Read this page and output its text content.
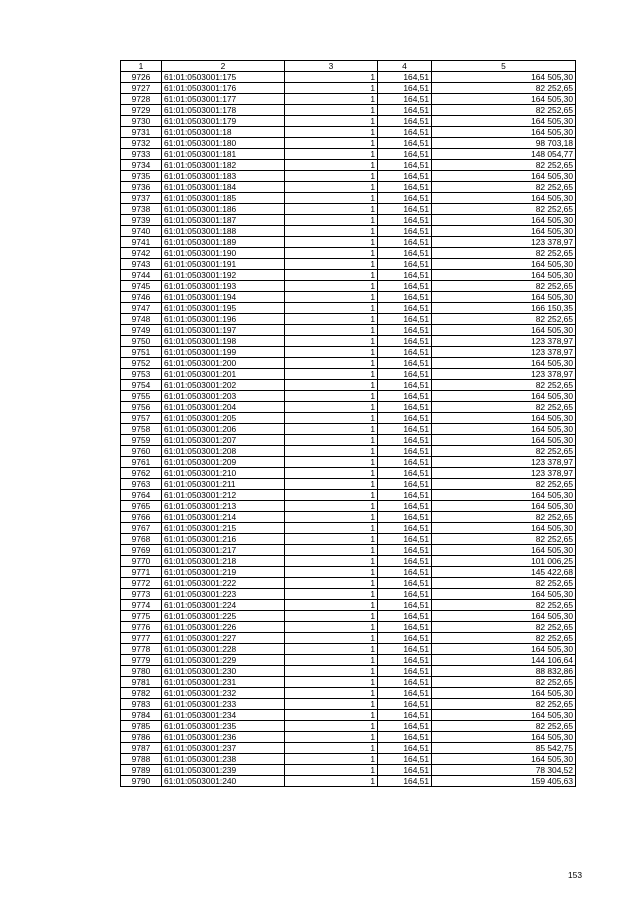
1	2	3	4	5
9726	61:01:0503001:175	1	164,51	164 505,30
9727	61:01:0503001:176	1	164,51	82 252,65
9728	61:01:0503001:177	1	164,51	164 505,30
9729	61:01:0503001:178	1	164,51	82 252,65
9730	61:01:0503001:179	1	164,51	164 505,30
9731	61:01:0503001:18	1	164,51	164 505,30
9732	61:01:0503001:180	1	164,51	98 703,18
9733	61:01:0503001:181	1	164,51	148 054,77
9734	61:01:0503001:182	1	164,51	82 252,65
9735	61:01:0503001:183	1	164,51	164 505,30
9736	61:01:0503001:184	1	164,51	82 252,65
9737	61:01:0503001:185	1	164,51	164 505,30
9738	61:01:0503001:186	1	164,51	82 252,65
9739	61:01:0503001:187	1	164,51	164 505,30
9740	61:01:0503001:188	1	164,51	164 505,30
9741	61:01:0503001:189	1	164,51	123 378,97
9742	61:01:0503001:190	1	164,51	82 252,65
9743	61:01:0503001:191	1	164,51	164 505,30
9744	61:01:0503001:192	1	164,51	164 505,30
9745	61:01:0503001:193	1	164,51	82 252,65
9746	61:01:0503001:194	1	164,51	164 505,30
9747	61:01:0503001:195	1	164,51	166 150,35
9748	61:01:0503001:196	1	164,51	82 252,65
9749	61:01:0503001:197	1	164,51	164 505,30
9750	61:01:0503001:198	1	164,51	123 378,97
9751	61:01:0503001:199	1	164,51	123 378,97
9752	61:01:0503001:200	1	164,51	164 505,30
9753	61:01:0503001:201	1	164,51	123 378,97
9754	61:01:0503001:202	1	164,51	82 252,65
9755	61:01:0503001:203	1	164,51	164 505,30
9756	61:01:0503001:204	1	164,51	82 252,65
9757	61:01:0503001:205	1	164,51	164 505,30
9758	61:01:0503001:206	1	164,51	164 505,30
9759	61:01:0503001:207	1	164,51	164 505,30
9760	61:01:0503001:208	1	164,51	82 252,65
9761	61:01:0503001:209	1	164,51	123 378,97
9762	61:01:0503001:210	1	164,51	123 378,97
9763	61:01:0503001:211	1	164,51	82 252,65
9764	61:01:0503001:212	1	164,51	164 505,30
9765	61:01:0503001:213	1	164,51	164 505,30
9766	61:01:0503001:214	1	164,51	82 252,65
9767	61:01:0503001:215	1	164,51	164 505,30
9768	61:01:0503001:216	1	164,51	82 252,65
9769	61:01:0503001:217	1	164,51	164 505,30
9770	61:01:0503001:218	1	164,51	101 006,25
9771	61:01:0503001:219	1	164,51	145 422,68
9772	61:01:0503001:222	1	164,51	82 252,65
9773	61:01:0503001:223	1	164,51	164 505,30
9774	61:01:0503001:224	1	164,51	82 252,65
9775	61:01:0503001:225	1	164,51	164 505,30
9776	61:01:0503001:226	1	164,51	82 252,65
9777	61:01:0503001:227	1	164,51	82 252,65
9778	61:01:0503001:228	1	164,51	164 505,30
9779	61:01:0503001:229	1	164,51	144 106,64
9780	61:01:0503001:230	1	164,51	88 832,86
9781	61:01:0503001:231	1	164,51	82 252,65
9782	61:01:0503001:232	1	164,51	164 505,30
9783	61:01:0503001:233	1	164,51	82 252,65
9784	61:01:0503001:234	1	164,51	164 505,30
9785	61:01:0503001:235	1	164,51	82 252,65
9786	61:01:0503001:236	1	164,51	164 505,30
9787	61:01:0503001:237	1	164,51	85 542,75
9788	61:01:0503001:238	1	164,51	164 505,30
9789	61:01:0503001:239	1	164,51	78 304,52
9790	61:01:0503001:240	1	164,51	159 405,63
153
